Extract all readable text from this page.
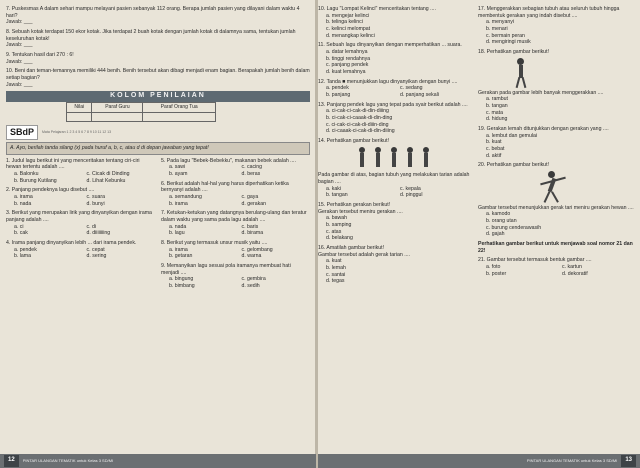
7. Puskesmas A dalam sehari mampu melayani pasien sebanyak 112 orang. Berapa jumlah pasien yang dilayani dalam waktu 4 hari?
Jawab: ___
8. Sebuah kotak terdapat 150 ekor kotak. Jika terdapat 2 buah kotak dengan jumlah kotak di dalamnya sama, tentukan jumlah keseluruhan kotak!
Jawab: ___
9. Tentukan hasil dari 270 : 6!
Jawab: ___
10. Beni dan teman-temannya memiliki 444 benih. Benih tersebut akan dibagi menjadi enam bagian. Berapakah jumlah benih dalam setiap bagian?
Jawab: ___
KOLOM PENILAIAN
Nilai	Paraf Guru	Paraf Orang Tua

SBdP	Mata Pelajaran 1 2 3 4 5 6 7 8 9 10 11 12 13
A. Ayo, berilah tanda silang (x) pada huruf a, b, c, atau d di depan jawaban yang tepat!
1. Judul lagu berikut ini yang menceritakan tentang ciri-ciri hewan tertentu adalah ....
a. Balonku	c. Cicak di Dinding
b. Burung Kutilang	d. Lihat Kebunku
2. Panjang pendeknya lagu disebut ....
a. irama	c. suara
b. nada	d. bunyi
3. Berikut yang merupakan lirik yang dinyanyikan dengan irama panjang adalah ....
a. ci	c. di
b. cak	d. diiiiiiiing
4. Irama panjang dinyanyikan lebih ... dari irama pendek.
a. pendek	c. cepat
b. lama	d. sering
5. Pada lagu "Bebek-Bebekku", makanan bebek adalah ....
a. sawi	c. cacing
b. ayam	d. beras
6. Berikut adalah hal-hal yang harus diperhatikan ketika bernyanyi adalah ....
a. semandung	c. gaya
b. irama	d. gerakan
7. Ketukan-ketukan yang datangnya berulang-ulang dan teratur dalam waktu yang sama pada lagu adalah ....
a. nada	c. baris
b. lagu	d. birama
8. Berikut yang termasuk unsur musik yaitu ....
a. irama	c. gelombang
b. getaran	d. warna
9. Memanyikan lagu sesuai pola iramanya membuat hati menjadi ....
a. bingung	c. gembira
b. bimbang	d. sedih
12	PINTAR ULANGAN TEMATIK untuk Kelas 3 SD/MI
10. Lagu "Lompat Kelinci" menceritakan tentang ....
a. mengejar kelinci
b. telinga kelinci
c. kelinci melompat
d. menangkap kelinci
11. Sebuah lagu dinyanyikan dengan memperhatikan ... suara.
a. datar lemahnya
b. tinggi rendahnya
c. panjang pendek
d. kuat lemahnya
12. Tanda ■ menunjukkan lagu dinyanyikan dengan bunyi ....
a. pendek	c. sedang
b. panjang	d. panjang sekali
13. Panjang pendek lagu yang tepat pada syair berikut adalah ....
a. ci-cak-ci-cak-di-din-diiing
b. ci-cak-ci-caaak-di-din-ding
c. ci-cak-ci-cak-di-diiin-ding
d. ci-caaak-ci-cak-di-din-diiing
14. Perhatikan gambar berikut!
Pada gambar di atas, bagian tubuh yang melakukan tarian adalah bagian ....
a. kaki	c. kepala
b. tangan	d. pinggul
15. Perhatikan gerakan berikut!
Gerakan tersebut meniru gerakan ....
a. bawah
b. samping
c. atas
d. belakang
16. Amatilah gambar berikut!
Gambar tersebut adalah gerak tarian ....
a. kuat
b. lemah
c. santai
d. tegas
17. Menggerakkan sebagian tubuh atau seluruh tubuh hingga membentuk gerakan yang indah disebut ....
a. menyanyi
b. menari
c. bermain peran
d. mengiringi musik
18. Perhatikan gambar berikut!
Gerakan pada gambar lebih banyak menggerakkan ....
a. rambut
b. tangan
c. mata
d. hidung
19. Gerakan lemah ditunjukkan dengan gerakan yang ....
a. lembut dan gemulai
b. kuat
c. bebat
d. aktif
20. Perhatikan gambar berikut!
Gambar tersebut menunjukkan gerak tari meniru gerakan hewan ....
a. kamodo
b. orang utan
c. burung cenderawasih
d. gajah
Perhatikan gambar berikut untuk menjawab soal nomor 21 dan 22!
21. Gambar tersebut termasuk bentuk gambar ....
a. foto	c. kartun
b. poster	d. dekoratif
PINTAR ULANGAN TEMATIK untuk Kelas 3 SD/MI	13
